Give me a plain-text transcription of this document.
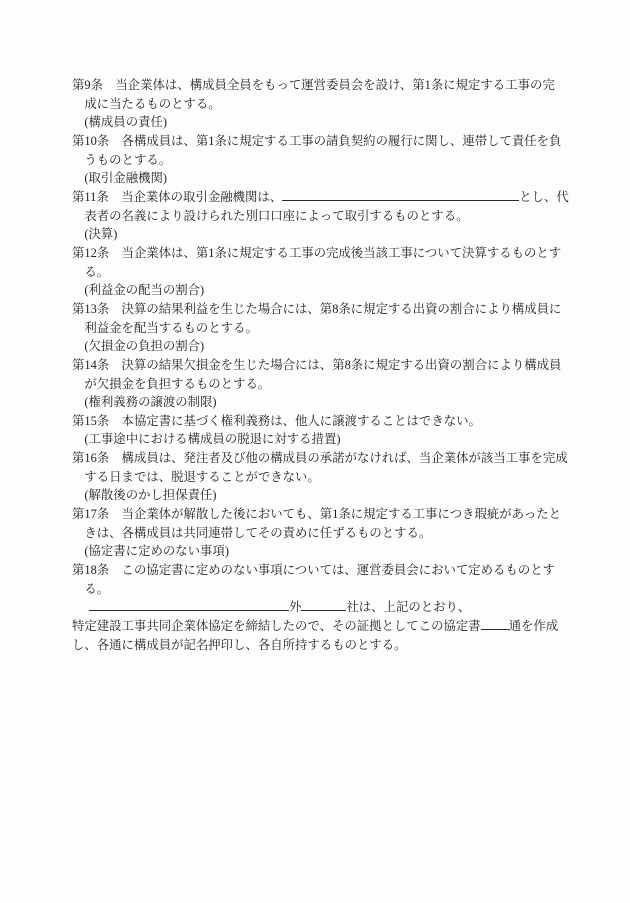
第9条　当企業体は、構成員全員をもって運営委員会を設け、第1条に規定する工事の完
成に当たるものとする。
(構成員の責任)
第10条　各構成員は、第1条に規定する工事の請負契約の履行に関し、連帯して責任を負
うものとする。
(取引金融機関)
第11条　当企業体の取引金融機関は、	とし、代
表者の名義により設けられた別口口座によって取引するものとする。
(決算)
第12条　当企業体は、第1条に規定する工事の完成後当該工事について決算するものとす
る。
(利益金の配当の割合)
第13条　決算の結果利益を生じた場合には、第8条に規定する出資の割合により構成員に
利益金を配当するものとする。
(欠損金の負担の割合)
第14条　決算の結果欠損金を生じた場合には、第8条に規定する出資の割合により構成員
が欠損金を負担するものとする。
(権利義務の譲渡の制限)
第15条　本協定書に基づく権利義務は、他人に譲渡することはできない。
(工事途中における構成員の脱退に対する措置)
第16条　構成員は、発注者及び他の構成員の承諾がなければ、当企業体が該当工事を完成
する日までは、脱退することができない。
(解散後のかし担保責任)
第17条　当企業体が解散した後においても、第1条に規定する工事につき瑕疵があったと
きは、各構成員は共同連帯してその責めに任ずるものとする。
(協定書に定めのない事項)
第18条　この協定書に定めのない事項については、運営委員会において定めるものとす
る。
外	社は、上記のとおり、
特定建設工事共同企業体協定を締結したので、その証拠としてこの協定書 通を作成
し、各通に構成員が記名押印し、各自所持するものとする。
